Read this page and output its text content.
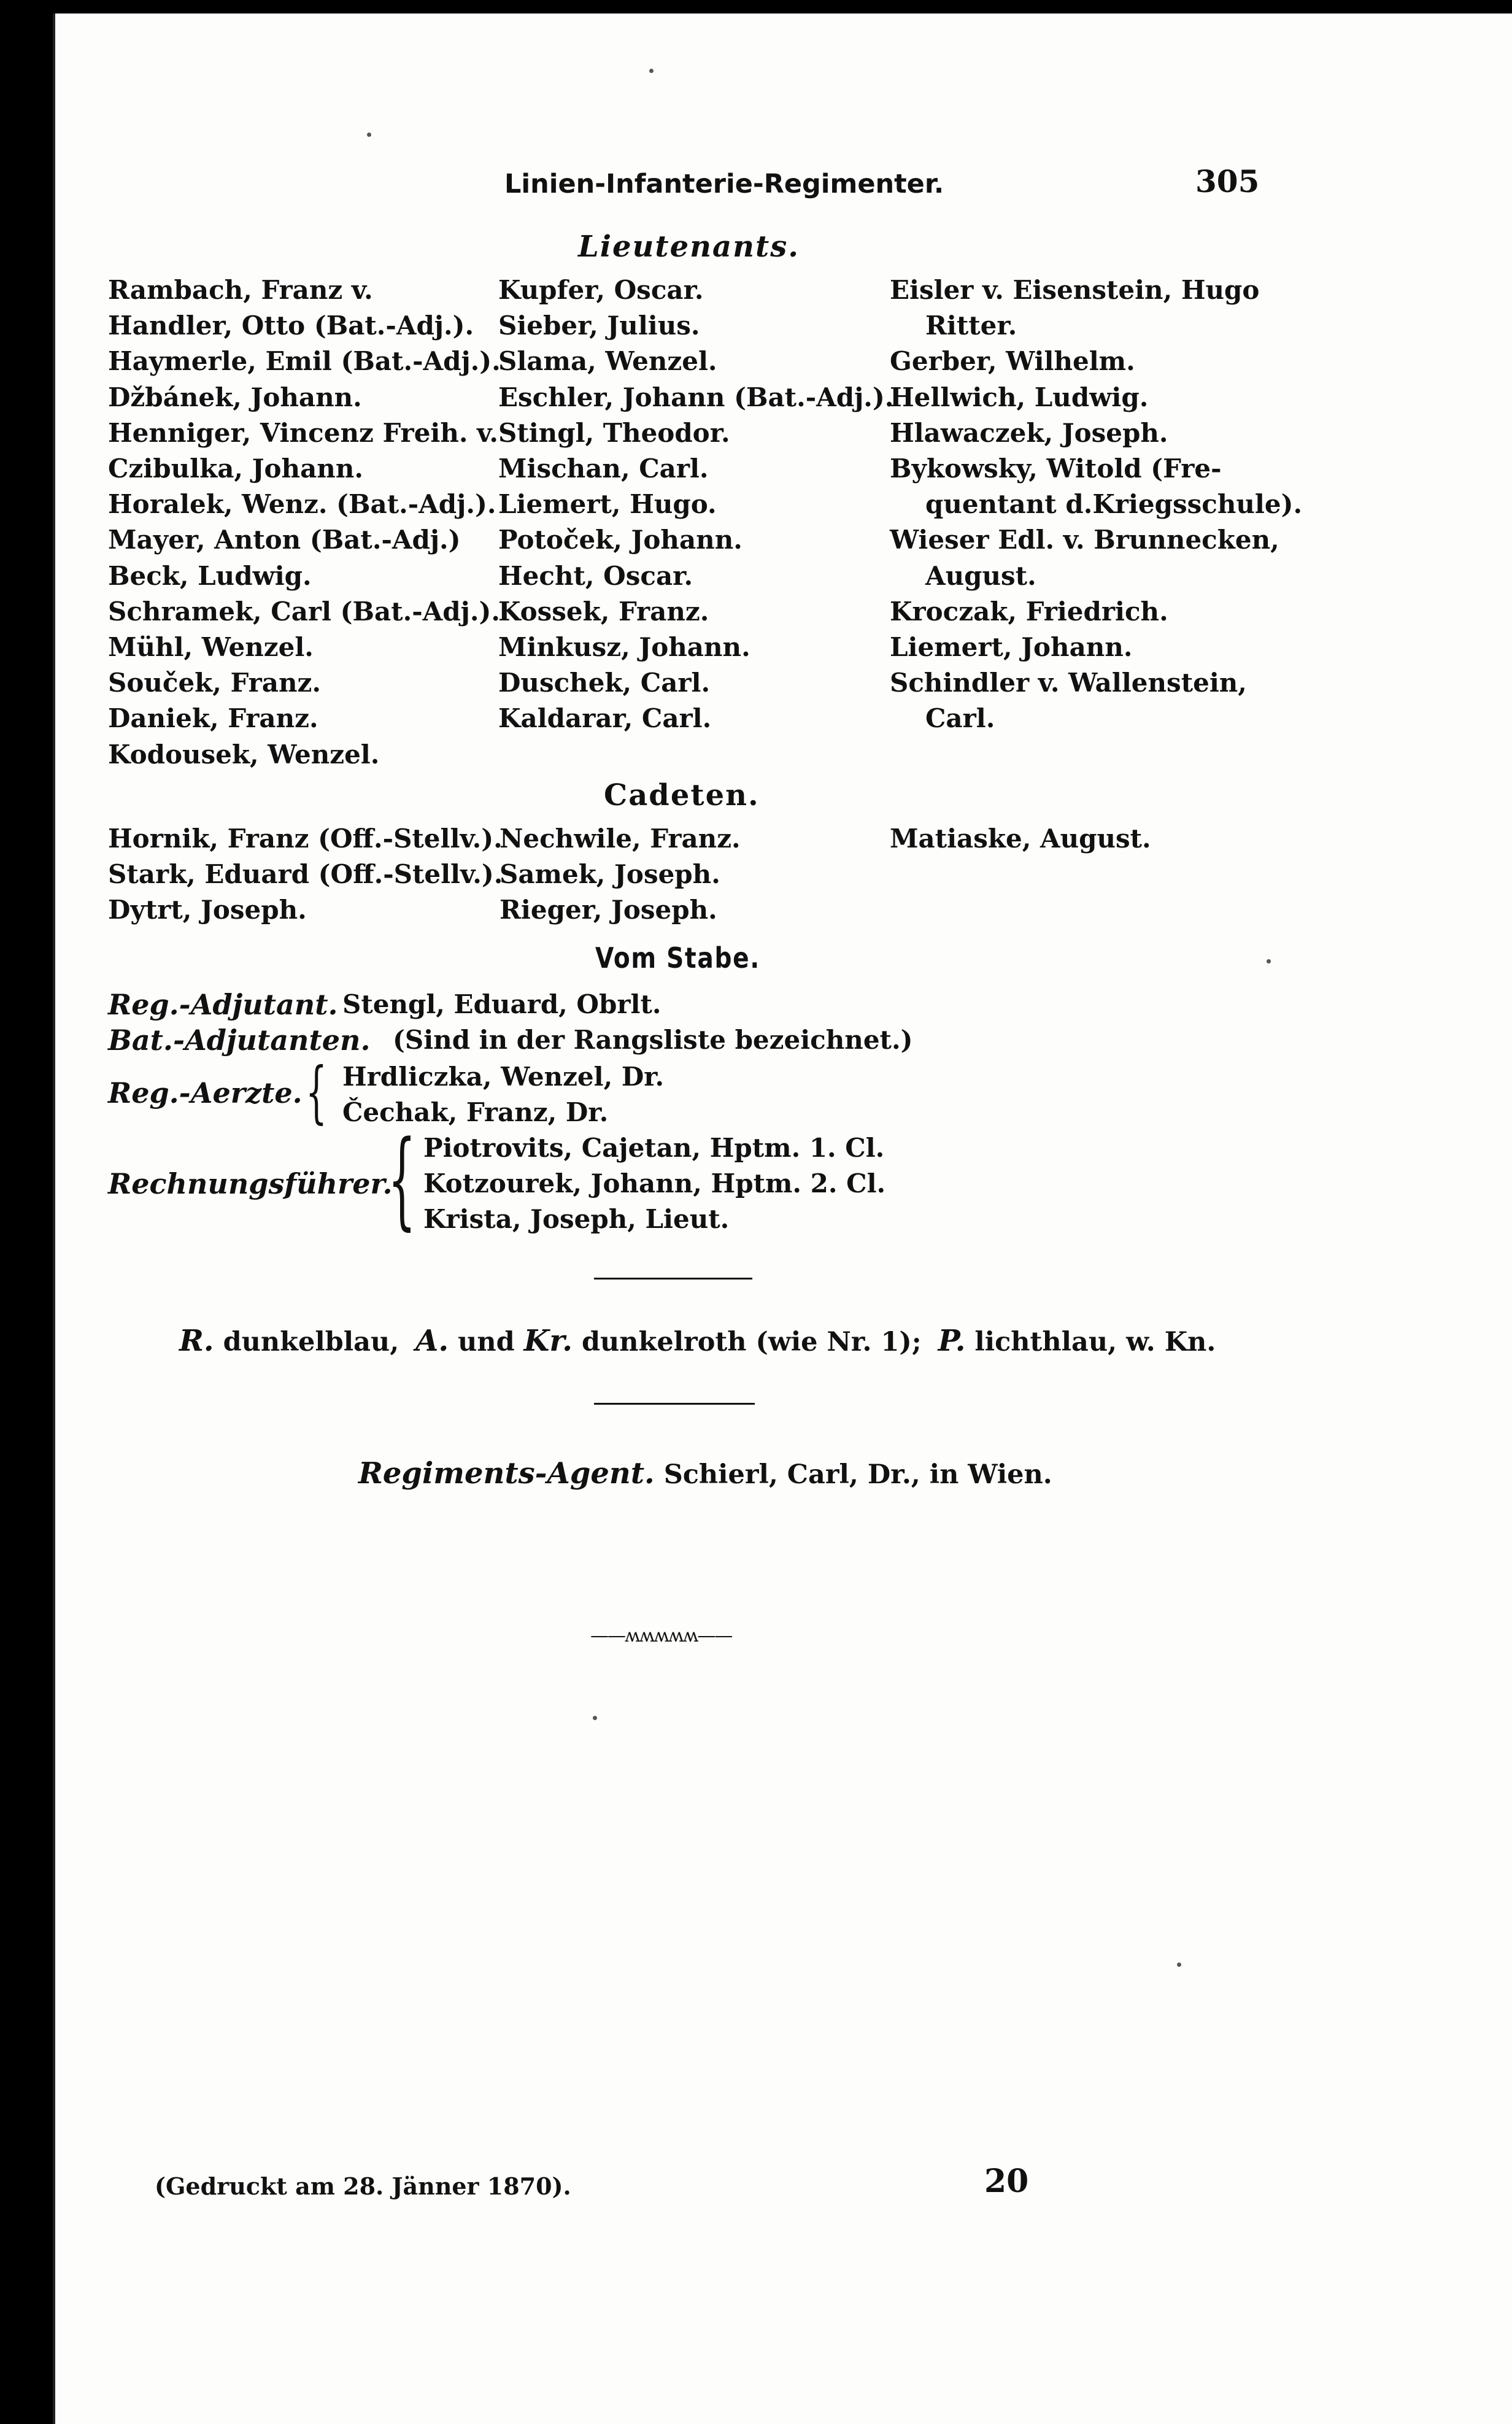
Linien-Infanterie-Regimenter.	305
Lieutenants.
Rambach, Franz v.
Handler, Otto (Bat.-Adj.).
Haymerle, Emil (Bat.-Adj.).
Džbánek, Johann.
Henniger, Vincenz Freih. v.
Czibulka, Johann.
Horalek, Wenz. (Bat.-Adj.).
Mayer, Anton (Bat.-Adj.)
Beck, Ludwig.
Schramek, Carl (Bat.-Adj.).
Mühl, Wenzel.
Souček, Franz.
Daniek, Franz.
Kodousek, Wenzel.
Kupfer, Oscar.
Sieber, Julius.
Slama, Wenzel.
Eschler, Johann (Bat.-Adj.).
Stingl, Theodor.
Mischan, Carl.
Liemert, Hugo.
Potoček, Johann.
Hecht, Oscar.
Kossek, Franz.
Minkusz, Johann.
Duschek, Carl.
Kaldarar, Carl.
Eisler v. Eisenstein, Hugo
Ritter.
Gerber, Wilhelm.
Hellwich, Ludwig.
Hlawaczek, Joseph.
Bykowsky, Witold (Fre-
quentant d.Kriegsschule).
Wieser Edl. v. Brunnecken,
August.
Kroczak, Friedrich.
Liemert, Johann.
Schindler v. Wallenstein,
Carl.
Cadeten.
Hornik, Franz (Off.-Stellv.).
Stark, Eduard (Off.-Stellv.).
Dytrt, Joseph.
Nechwile, Franz.
Samek, Joseph.
Rieger, Joseph.
Matiaske, August.
Vom Stabe.
Reg.-Adjutant. Stengl, Eduard, Obrlt.
Bat.-Adjutanten. (Sind in der Rangsliste bezeichnet.)
Reg.-Aerzte. { Hrdliczka, Wenzel, Dr.
Čechak, Franz, Dr.
Rechnungsführer.
{ Piotrovits, Cajetan, Hptm. 1. Cl.
Kotzourek, Johann, Hptm. 2. Cl.
Krista, Joseph, Lieut.
R. dunkelblau, A. und Kr. dunkelroth (wie Nr. 1); P. lichthlau, w. Kn.
Regiments-Agent. Schierl, Carl, Dr., in Wien.
——ʍʍʍʍʍ——
(Gedruckt am 28. Jänner 1870).	20
